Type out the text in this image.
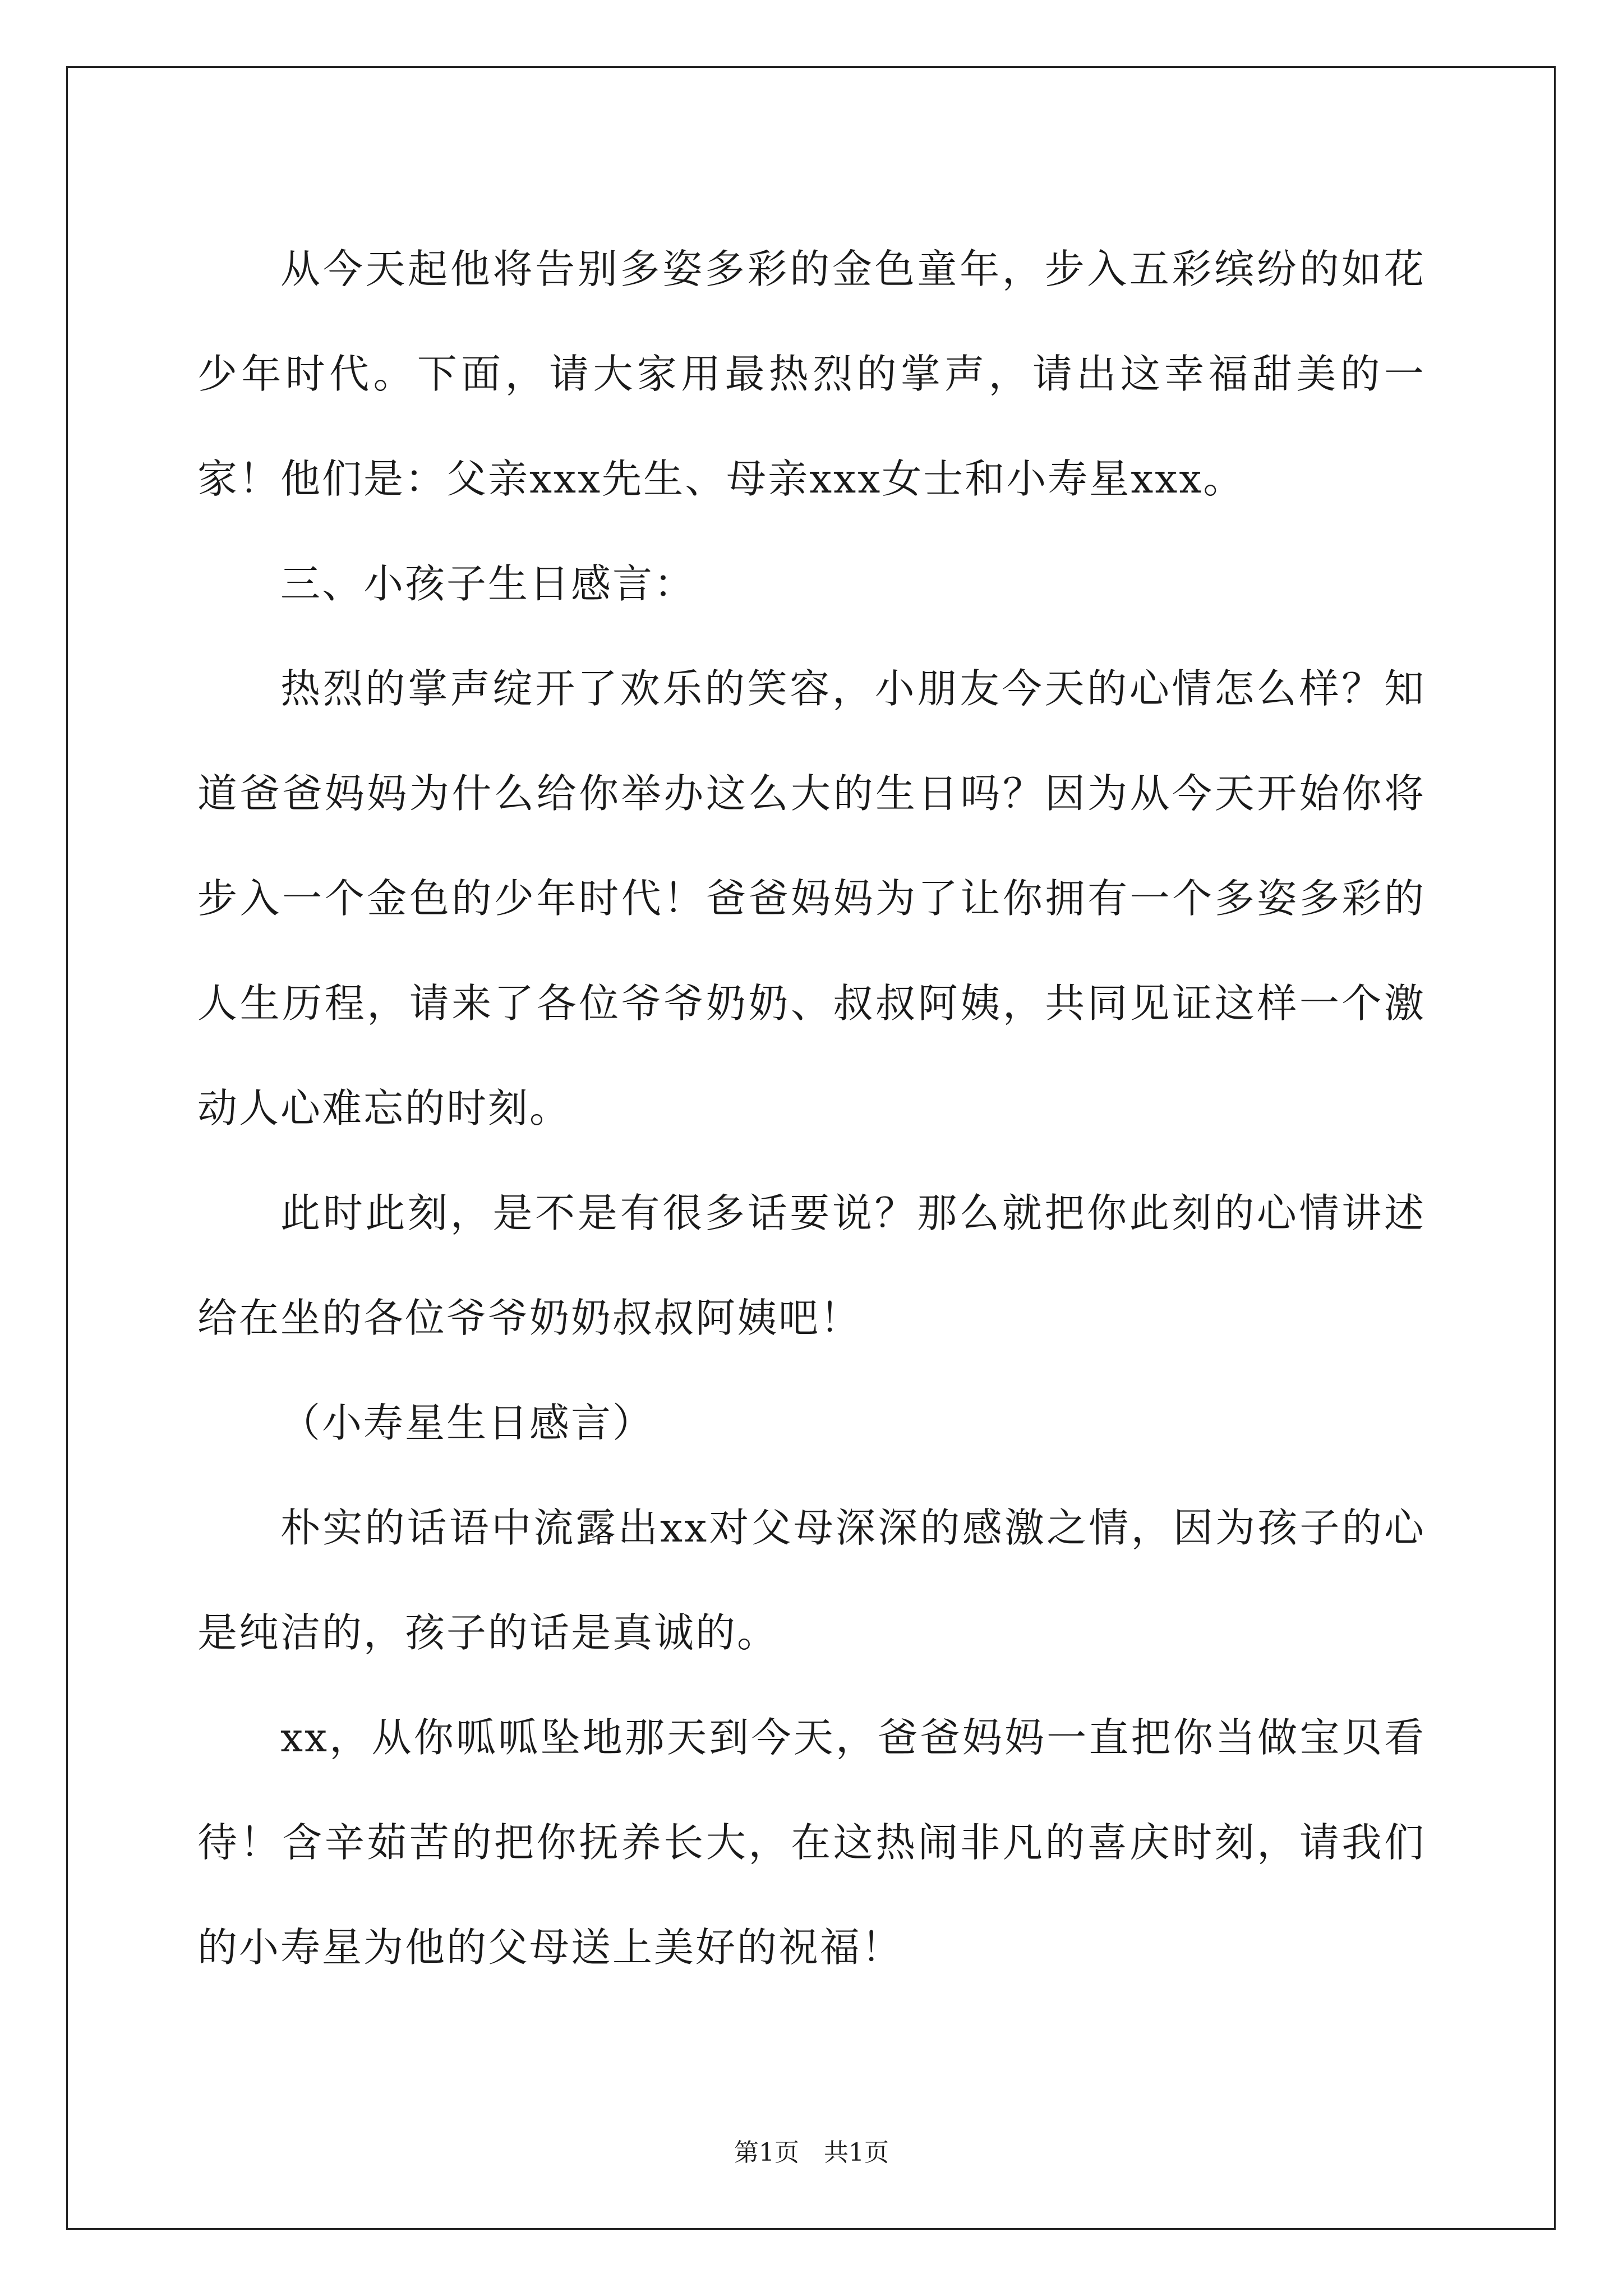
从今天起他将告别多姿多彩的金色童年，步入五彩缤纷的如花少年时代。下面，请大家用最热烈的掌声，请出这幸福甜美的一家！他们是：父亲xxx先生、母亲xxx女士和小寿星xxx。

三、小孩子生日感言：

热烈的掌声绽开了欢乐的笑容，小朋友今天的心情怎么样？知道爸爸妈妈为什么给你举办这么大的生日吗？因为从今天开始你将步入一个金色的少年时代！爸爸妈妈为了让你拥有一个多姿多彩的人生历程，请来了各位爷爷奶奶、叔叔阿姨，共同见证这样一个激动人心难忘的时刻。

此时此刻，是不是有很多话要说？那么就把你此刻的心情讲述给在坐的各位爷爷奶奶叔叔阿姨吧！

（小寿星生日感言）

朴实的话语中流露出xx对父母深深的感激之情，因为孩子的心是纯洁的，孩子的话是真诚的。

xx，从你呱呱坠地那天到今天，爸爸妈妈一直把你当做宝贝看待！含辛茹苦的把你抚养长大，在这热闹非凡的喜庆时刻，请我们的小寿星为他的父母送上美好的祝福！

第1页　共1页
